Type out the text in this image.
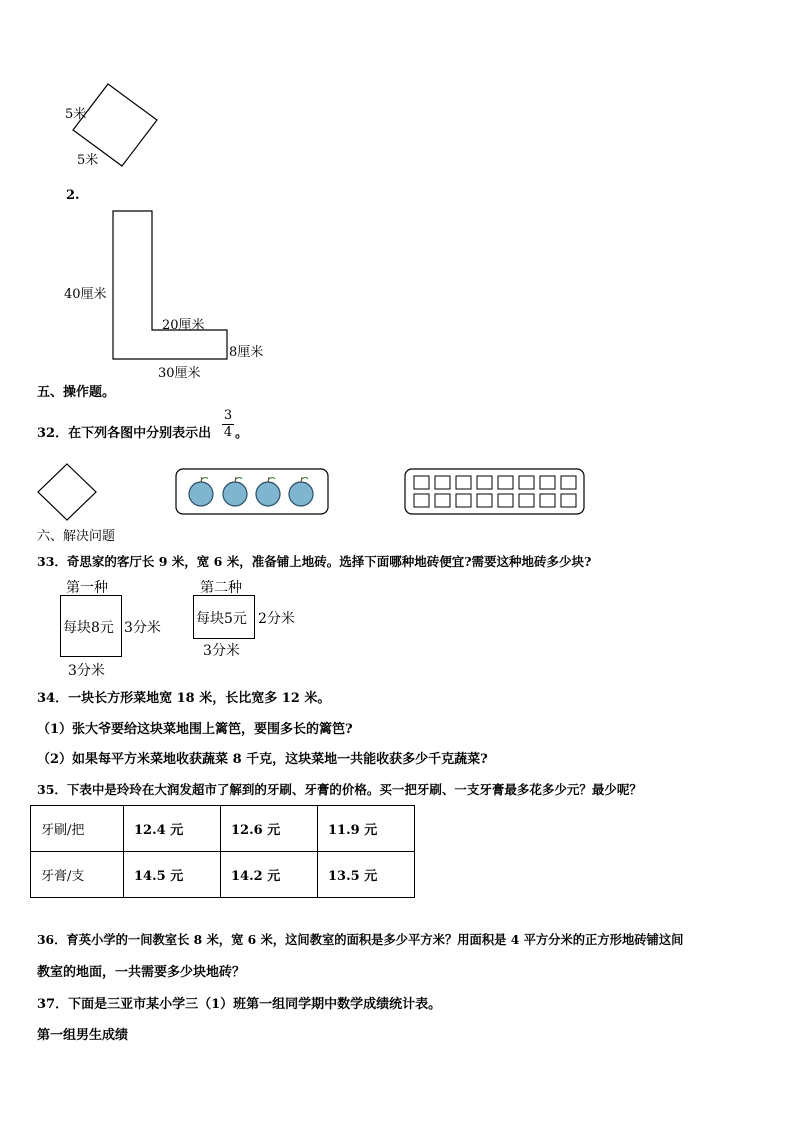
5米
5米
2.
40厘米
20厘米
8厘米
30厘米
五、操作题。
32．在下列各图中分别表示出
3
4 。
六、解决问题
33．奇思家的客厅长 9 米，宽 6 米，准备铺上地砖。选择下面哪种地砖便宜?需要这种地砖多少块?
第一种
每块8元 3分米
3分米
第二种
每块5元 2分米
3分米
34．一块长方形菜地宽 18 米，长比宽多 12 米。
（1）张大爷要给这块菜地围上篱笆，要围多长的篱笆?
（2）如果每平方米菜地收获蔬菜 8 千克，这块菜地一共能收获多少千克蔬菜?
35．下表中是玲玲在大润发超市了解到的牙刷、牙膏的价格。买一把牙刷、一支牙膏最多花多少元？最少呢？
牙刷/把	12.4 元	12.6 元	11.9 元
牙膏/支	14.5 元	14.2 元	13.5 元
36．育英小学的一间教室长 8 米，宽 6 米，这间教室的面积是多少平方米？用面积是 4 平方分米的正方形地砖铺这间
教室的地面，一共需要多少块地砖？
37．下面是三亚市某小学三（1）班第一组同学期中数学成绩统计表。
第一组男生成绩
